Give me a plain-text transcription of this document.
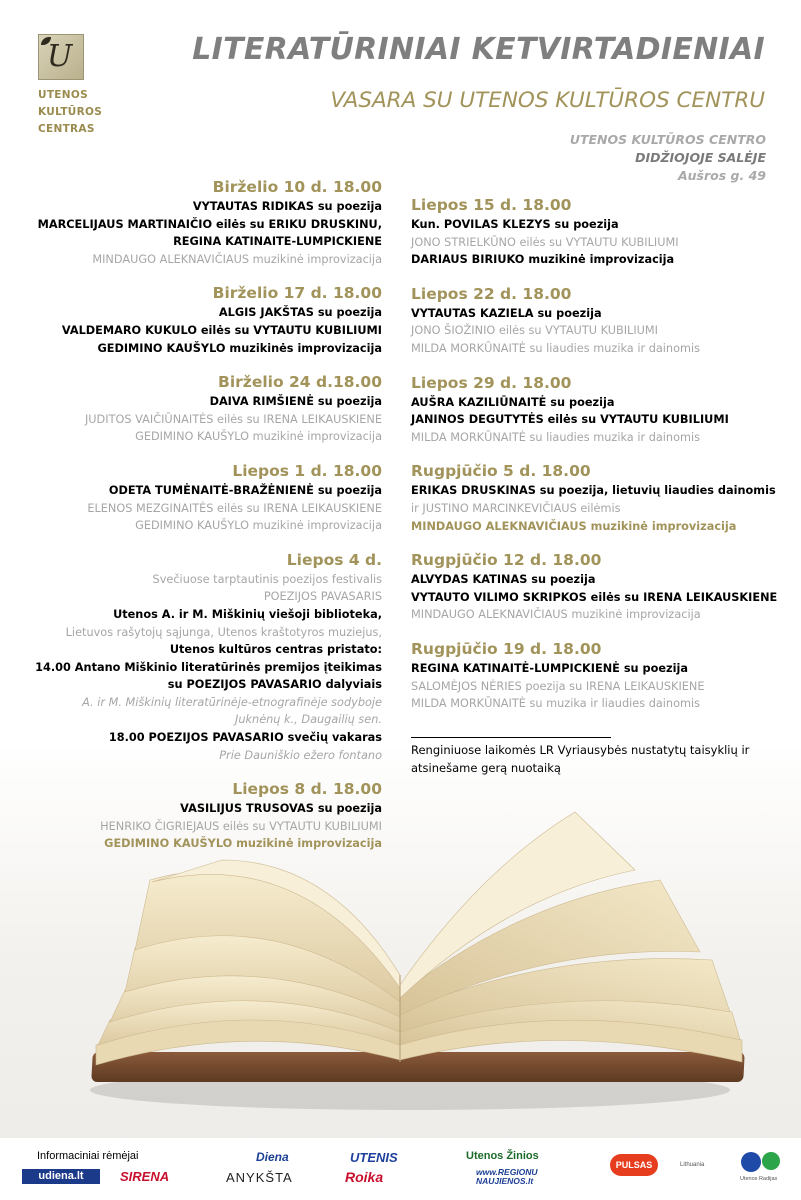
U
UTENOS
KULTŪROS
CENTRAS
LITERATŪRINIAI KETVIRTADIENIAI
VASARA SU UTENOS KULTŪROS CENTRU
UTENOS KULTŪROS CENTRO
DIDŽIOJOJE SALĖJE
Aušros g. 49
Birželio 10 d. 18.00
VYTAUTAS RIDIKAS su poezija
MARCELIJAUS MARTINAIČIO eilės su ERIKU DRUSKINU,
REGINA KATINAITE-LUMPICKIENE
MINDAUGO ALEKNAVIČIAUS muzikinė improvizacija
Birželio 17 d. 18.00
ALGIS JAKŠTAS su poezija
VALDEMARO KUKULO eilės su VYTAUTU KUBILIUMI
GEDIMINO KAUŠYLO muzikinės improvizacija
Birželio 24 d.18.00
DAIVA RIMŠIENĖ su poezija
JUDITOS VAIČIŪNAITĖS eilės su IRENA LEIKAUSKIENE
GEDIMINO KAUŠYLO muzikinė improvizacija
Liepos 1 d. 18.00
ODETA TUMĖNAITĖ-BRAŽĖNIENĖ su poezija
ELENOS MEZGINAITĖS eilės su IRENA LEIKAUSKIENE
GEDIMINO KAUŠYLO muzikinė improvizacija
Liepos 4 d.
Svečiuose tarptautinis poezijos festivalis
POEZIJOS PAVASARIS
Utenos A. ir M. Miškinių viešoji biblioteka,
Lietuvos rašytojų sąjunga, Utenos kraštotyros muziejus,
Utenos kultūros centras pristato:
14.00 Antano Miškinio literatūrinės premijos įteikimas
su POEZIJOS PAVASARIO dalyviais
A. ir M. Miškinių literatūrinėje-etnografinėje sodyboje
Juknėnų k., Daugailių sen.
18.00 POEZIJOS PAVASARIO svečių vakaras
Prie Dauniškio ežero fontano
Liepos 8 d. 18.00
VASILIJUS TRUSOVAS su poezija
HENRIKO ČIGRIEJAUS eilės su VYTAUTU KUBILIUMI
GEDIMINO KAUŠYLO muzikinė improvizacija
Liepos 15 d. 18.00
Kun. POVILAS KLEZYS su poezija
JONO STRIELKŪNO eilės su VYTAUTU KUBILIUMI
DARIAUS BIRIUKO muzikinė improvizacija
Liepos 22 d. 18.00
VYTAUTAS KAZIELA su poezija
JONO ŠIOŽINIO eilės su VYTAUTU KUBILIUMI
MILDA MORKŪNAITĖ su liaudies muzika ir dainomis
Liepos 29 d. 18.00
AUŠRA KAZILIŪNAITĖ su poezija
JANINOS DEGUTYTĖS eilės su VYTAUTU KUBILIUMI
MILDA MORKŪNAITĖ su liaudies muzika ir dainomis
Rugpjūčio 5 d. 18.00
ERIKAS DRUSKINAS su poezija, lietuvių liaudies dainomis
ir JUSTINO MARCINKEVIČIAUS eilėmis
MINDAUGO ALEKNAVIČIAUS muzikinė improvizacija
Rugpjūčio 12 d. 18.00
ALVYDAS KATINAS su poezija
VYTAUTO VILIMO SKRIPKOS eilės su IRENA LEIKAUSKIENE
MINDAUGO ALEKNAVIČIAUS muzikinė improvizacija
Rugpjūčio 19 d. 18.00
REGINA KATINAITĖ-LUMPICKIENĖ su poezija
SALOMĖJOS NĖRIES poezija su IRENA LEIKAUSKIENE
MILDA MORKŪNAITĖ su muzika ir liaudies dainomis
Renginiuose laikomės LR Vyriausybės nustatytų taisyklių ir atsinešame gerą nuotaiką
Informaciniai rėmėjai
udiena.lt	SIRENA
Diena
ANYKŠTA
UTENIS
Roika
Utenos Žinios
www.REGIONU NAUJIENOS.lt
PULSAS	Lithuania
Utenos Radijas
